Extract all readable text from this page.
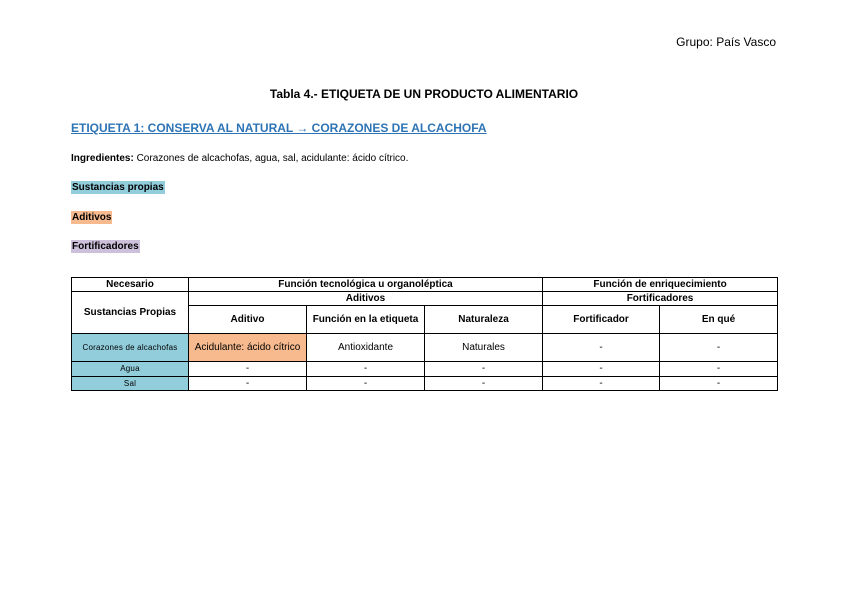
Grupo: País Vasco
Tabla 4.- ETIQUETA DE UN PRODUCTO ALIMENTARIO
ETIQUETA 1: CONSERVA AL NATURAL → CORAZONES DE ALCACHOFA
Ingredientes: Corazones de alcachofas, agua, sal, acidulante: ácido cítrico.
Sustancias propias
Aditivos
Fortificadores
Necesario	Función tecnológica u organoléptica			Función de enriquecimiento	
Sustancias Propias	Aditivos			Fortificadores	
	Aditivo	Función en la etiqueta	Naturaleza	Fortificador	En qué
Corazones de alcachofas	Acidulante: ácido cítrico	Antioxidante	Naturales	-	-
Agua	-	-	-	-	-
Sal	-	-	-	-	-
